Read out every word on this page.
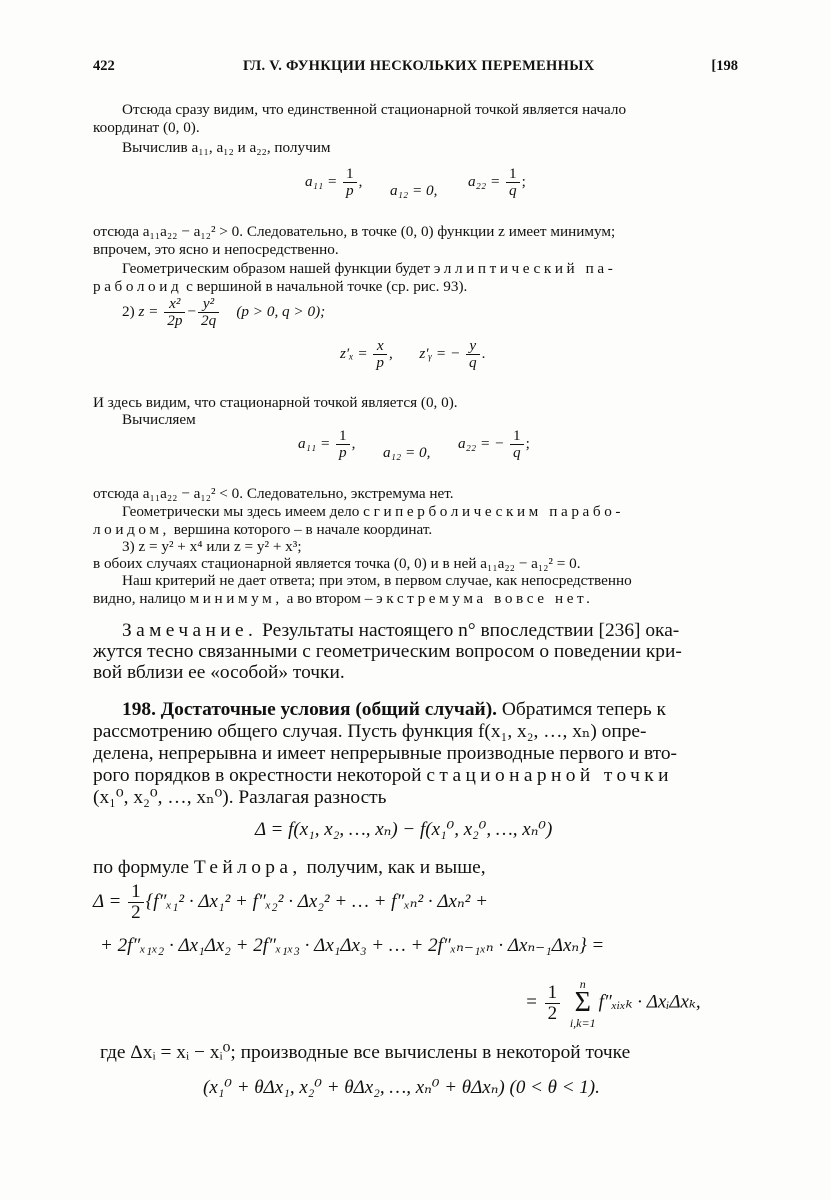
422	ГЛ. V. ФУНКЦИИ НЕСКОЛЬКИХ ПЕРЕМЕННЫХ	[198
Отсюда сразу видим, что единственной стационарной точкой является начало
координат (0, 0).
Вычислив a₁₁, a₁₂ и a₂₂, получим
$a_{11} = \frac{1}{p}$ ,
a₁₂ = 0,
$a_{22} = \frac{1}{q}$ ;
отсюда a₁₁a₂₂ − a₁₂² > 0. Следовательно, в точке (0, 0) функции z имеет минимум;
впрочем, это ясно и непосредственно.
Геометрическим образом нашей функции будет эллиптический па-
раболоид с вершиной в начальной точке (ср. рис. 93).
2) $z = \frac{\text{x²}}{2p} - \frac{\text{y²}}{2q} (p > 0$, q > 0);
$z'_x = \frac{x}{p}$ , z′ᵧ = − $\frac{y}{q}$ .
И здесь видим, что стационарной точкой является (0, 0).
Вычисляем
$a_{11} = \frac{1}{p}$ ,
a₁₂ = 0,
a₂₂ = − $\frac{1}{q}$ ;
отсюда a₁₁a₂₂ − a₁₂² < 0. Следовательно, экстремума нет.
Геометрически мы здесь имеем дело с гиперболическим парабо-
лоидом, вершина которого – в начале координат.
3) z = y² + x⁴ или z = y² + x³;
в обоих случаях стационарной является точка (0, 0) и в ней a₁₁a₂₂ − a₁₂² = 0.
Наш критерий не дает ответа; при этом, в первом случае, как непосредственно
видно, налицо минимум, а во втором – экстремума вовсе нет.
Замечание. Результаты настоящего n° впоследствии [236] ока-
жутся тесно связанными с геометрическим вопросом о поведении кри-
вой вблизи ее «особой» точки.
198. Достаточные условия (общий случай). Обратимся теперь к
рассмотрению общего случая. Пусть функция f(x₁, x₂, …, xₙ) опре-
делена, непрерывна и имеет непрерывные производные первого и вто-
рого порядков в окрестности некоторой стационарной точки
(x₁⁰, x₂⁰, …, xₙ⁰). Разлагая разность
Δ = f(x₁, x₂, …, xₙ) − f(x₁⁰, x₂⁰, …, xₙ⁰)
по формуле Тейлора, получим, как и выше,
$\Delta = \frac{1}{2} \{f''_{x1}^2 \cdot \Delta x_1^2 + f''_{x2}^2 \cdot \Delta x_2^2$ + … + f″ₓₙ² · Δxₙ² +
+ 2f″ₓ₁ₓ₂ · Δx₁Δx₂ + 2f″ₓ₁ₓ₃ · Δx₁Δx₃ + … + 2f″ₓₙ₋₁ₓₙ · Δxₙ₋₁Δxₙ} =
= $\frac{1}{2}$
	n
Σ
i,k=1
f″ₓᵢₓₖ · ΔxᵢΔxₖ,
где Δxᵢ = xᵢ − xᵢ⁰; производные все вычислены в некоторой точке
(x₁⁰ + θΔx₁, x₂⁰ + θΔx₂, …, xₙ⁰ + θΔxₙ) (0 < θ < 1).
